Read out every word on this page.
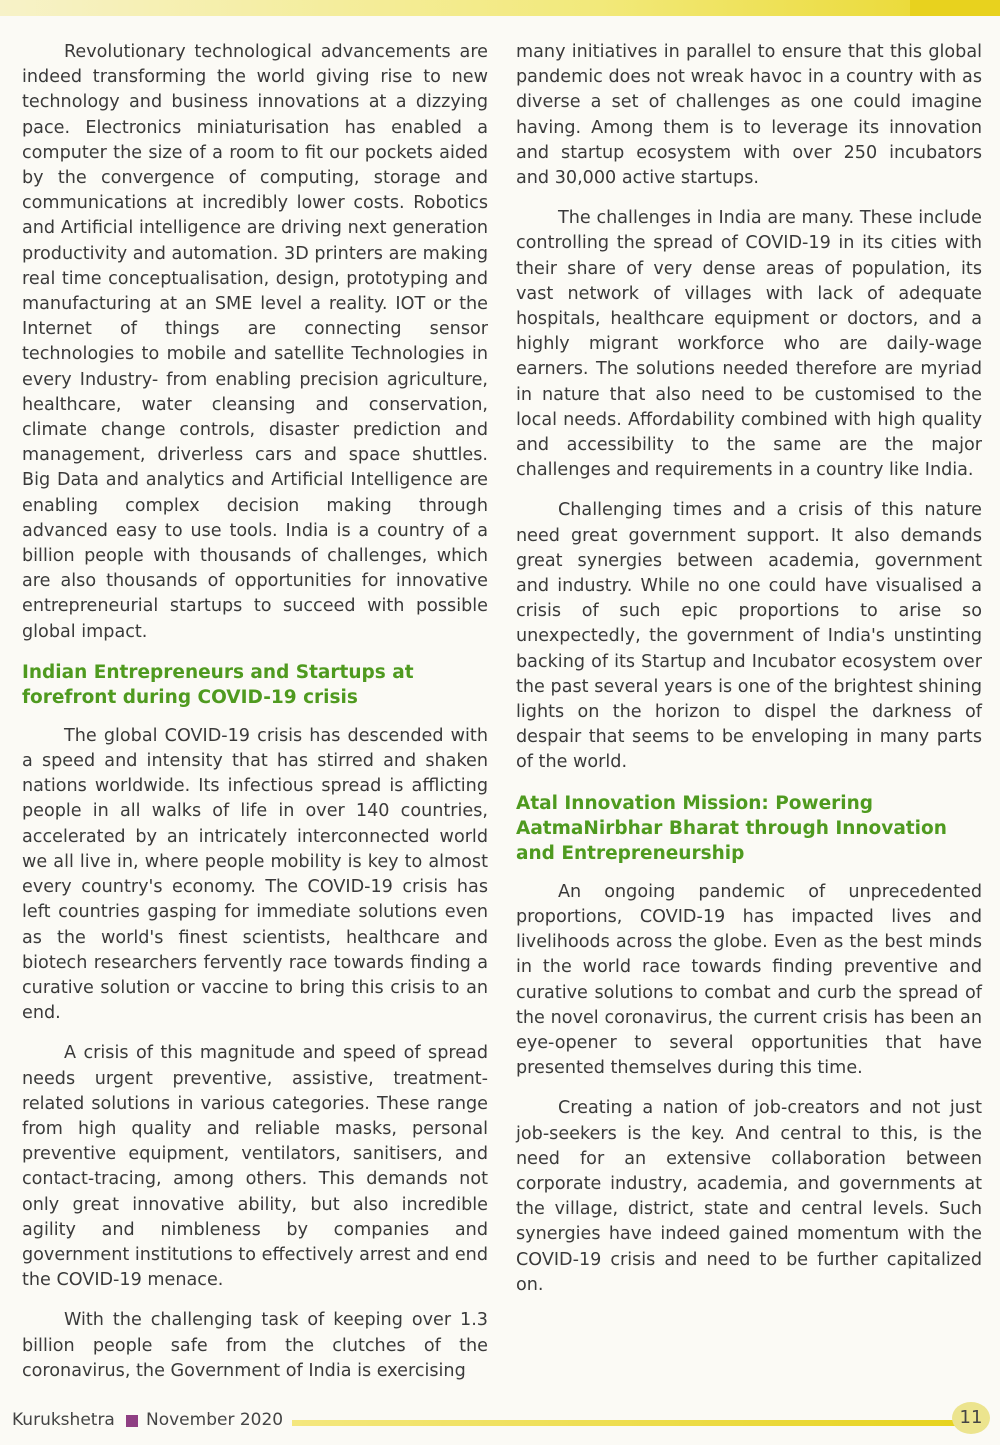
Revolutionary technological advancements are indeed transforming the world giving rise to new technology and business innovations at a dizzying pace. Electronics miniaturisation has enabled a computer the size of a room to fit our pockets aided by the convergence of computing, storage and communications at incredibly lower costs. Robotics and Artificial intelligence are driving next generation productivity and automation. 3D printers are making real time conceptualisation, design, prototyping and manufacturing at an SME level a reality. IOT or the Internet of things are connecting sensor technologies to mobile and satellite Technologies in every Industry- from enabling precision agriculture, healthcare, water cleansing and conservation, climate change controls, disaster prediction and management, driverless cars and space shuttles. Big Data and analytics and Artificial Intelligence are enabling complex decision making through advanced easy to use tools. India is a country of a billion people with thousands of challenges, which are also thousands of opportunities for innovative entrepreneurial startups to succeed with possible global impact.

Indian Entrepreneurs and Startups at forefront during COVID-19 crisis

The global COVID-19 crisis has descended with a speed and intensity that has stirred and shaken nations worldwide. Its infectious spread is afflicting people in all walks of life in over 140 countries, accelerated by an intricately interconnected world we all live in, where people mobility is key to almost every country's economy. The COVID-19 crisis has left countries gasping for immediate solutions even as the world's finest scientists, healthcare and biotech researchers fervently race towards finding a curative solution or vaccine to bring this crisis to an end.

A crisis of this magnitude and speed of spread needs urgent preventive, assistive, treatment-related solutions in various categories. These range from high quality and reliable masks, personal preventive equipment, ventilators, sanitisers, and contact-tracing, among others. This demands not only great innovative ability, but also incredible agility and nimbleness by companies and government institutions to effectively arrest and end the COVID-19 menace.

With the challenging task of keeping over 1.3 billion people safe from the clutches of the coronavirus, the Government of India is exercising

many initiatives in parallel to ensure that this global pandemic does not wreak havoc in a country with as diverse a set of challenges as one could imagine having. Among them is to leverage its innovation and startup ecosystem with over 250 incubators and 30,000 active startups.

The challenges in India are many. These include controlling the spread of COVID-19 in its cities with their share of very dense areas of population, its vast network of villages with lack of adequate hospitals, healthcare equipment or doctors, and a highly migrant workforce who are daily-wage earners. The solutions needed therefore are myriad in nature that also need to be customised to the local needs. Affordability combined with high quality and accessibility to the same are the major challenges and requirements in a country like India.

Challenging times and a crisis of this nature need great government support. It also demands great synergies between academia, government and industry. While no one could have visualised a crisis of such epic proportions to arise so unexpectedly, the government of India's unstinting backing of its Startup and Incubator ecosystem over the past several years is one of the brightest shining lights on the horizon to dispel the darkness of despair that seems to be enveloping in many parts of the world.

Atal Innovation Mission: Powering AatmaNirbhar Bharat through Innovation and Entrepreneurship

An ongoing pandemic of unprecedented proportions, COVID-19 has impacted lives and livelihoods across the globe. Even as the best minds in the world race towards finding preventive and curative solutions to combat and curb the spread of the novel coronavirus, the current crisis has been an eye-opener to several opportunities that have presented themselves during this time.

Creating a nation of job-creators and not just job-seekers is the key. And central to this, is the need for an extensive collaboration between corporate industry, academia, and governments at the village, district, state and central levels. Such synergies have indeed gained momentum with the COVID-19 crisis and need to be further capitalized on.

Kurukshetra November 2020	11
